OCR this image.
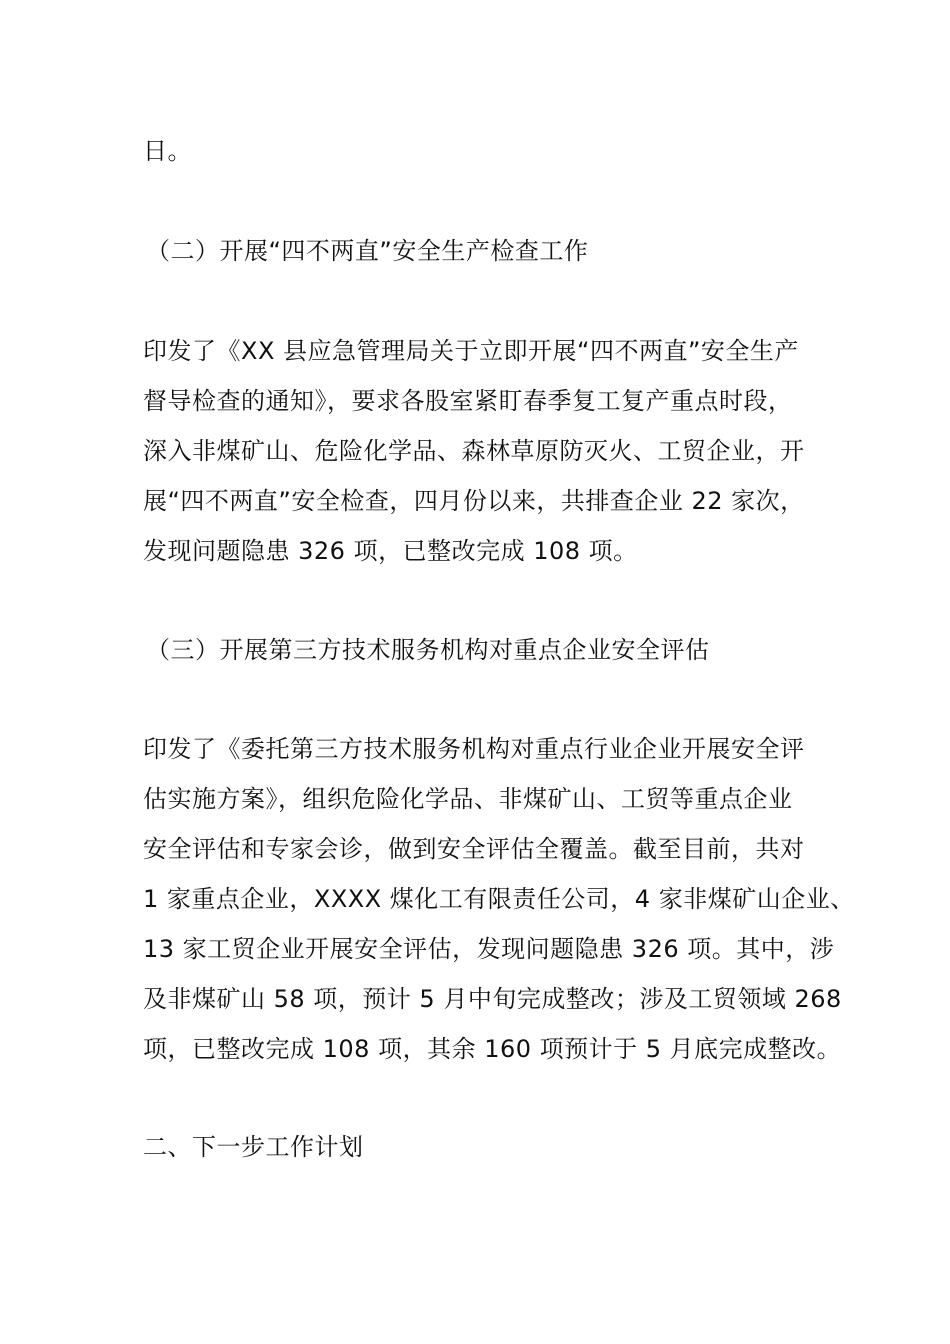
日。
（二）开展“四不两直”安全生产检查工作
印发了《XX 县应急管理局关于立即开展“四不两直”安全生产
督导检查的通知》，要求各股室紧盯春季复工复产重点时段，
深入非煤矿山、危险化学品、森林草原防灭火、工贸企业，开
展“四不两直”安全检查，四月份以来，共排查企业 22 家次，
发现问题隐患 326 项，已整改完成 108 项。
（三）开展第三方技术服务机构对重点企业安全评估
印发了《委托第三方技术服务机构对重点行业企业开展安全评
估实施方案》，组织危险化学品、非煤矿山、工贸等重点企业
安全评估和专家会诊，做到安全评估全覆盖。截至目前，共对
1 家重点企业，XXXX 煤化工有限责任公司，4 家非煤矿山企业、
13 家工贸企业开展安全评估，发现问题隐患 326 项。其中，涉
及非煤矿山 58 项，预计 5 月中旬完成整改；涉及工贸领域 268
项，已整改完成 108 项，其余 160 项预计于 5 月底完成整改。
二、下一步工作计划
